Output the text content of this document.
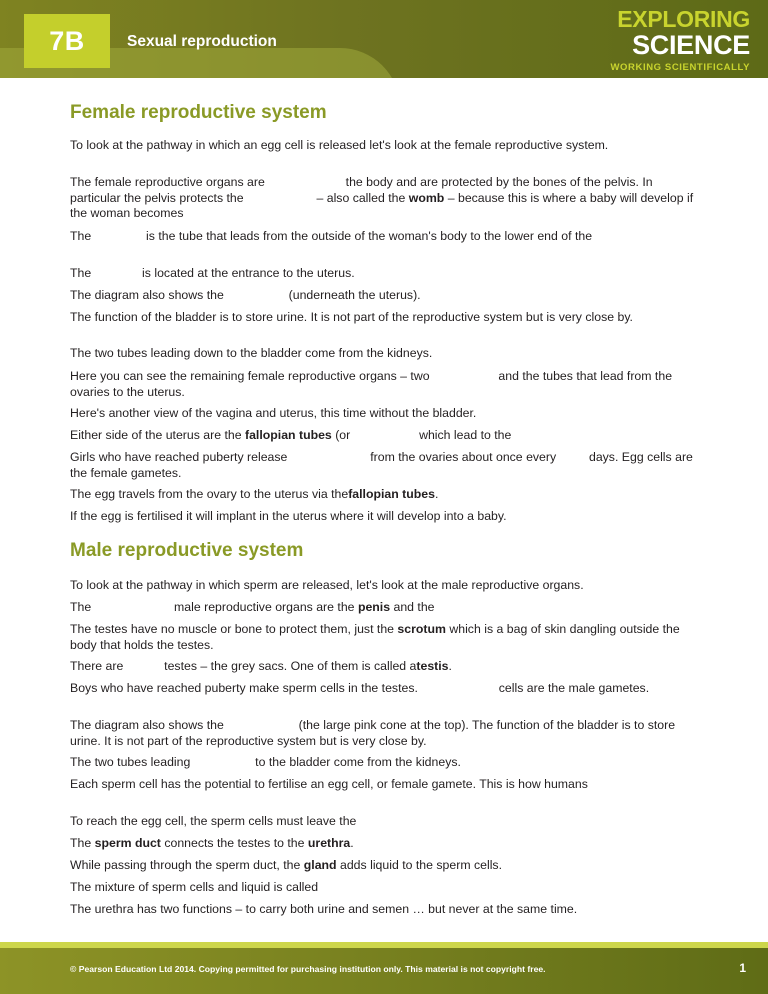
7B	Sexual reproduction
EXPLORING
SCIENCE
WORKING SCIENTIFICALLY
Female reproductive system
To look at the pathway in which an egg cell is released let's look at the female reproductive system.
The female reproductive organs are	the body and are protected by the bones of the pelvis. In particular the pelvis protects the	– also called the womb – because this is where a baby will develop if the woman becomes
The	is the tube that leads from the outside of the woman's body to the lower end of the
The	is located at the entrance to the uterus.
The diagram also shows the	(underneath the uterus).
The function of the bladder is to store urine. It is not part of the reproductive system but is very close by.
The two tubes leading down to the bladder come from the kidneys.
Here you can see the remaining female reproductive organs – two	and the tubes that lead from the ovaries to the uterus.
Here's another view of the vagina and uterus, this time without the bladder.
Either side of the uterus are the fallopian tubes (or	which lead to the
Girls who have reached puberty release	from the ovaries about once every	days. Egg cells are the female gametes.
The egg travels from the ovary to the uterus via thefallopian tubes.
If the egg is fertilised it will implant in the uterus where it will develop into a baby.
Male reproductive system
To look at the pathway in which sperm are released, let's look at the male reproductive organs.
The	male reproductive organs are the penis and the
The testes have no muscle or bone to protect them, just the scrotum which is a bag of skin dangling outside the body that holds the testes.
There are	testes – the grey sacs. One of them is called atestis.
Boys who have reached puberty make sperm cells in the testes.	cells are the male gametes.
The diagram also shows the	(the large pink cone at the top). The function of the bladder is to store urine. It is not part of the reproductive system but is very close by.
The two tubes leading	to the bladder come from the kidneys.
Each sperm cell has the potential to fertilise an egg cell, or female gamete. This is how humans
To reach the egg cell, the sperm cells must leave the
The sperm duct connects the testes to the urethra.
While passing through the sperm duct, the gland adds liquid to the sperm cells.
The mixture of sperm cells and liquid is called
The urethra has two functions – to carry both urine and semen … but never at the same time.
© Pearson Education Ltd 2014. Copying permitted for purchasing institution only. This material is not copyright free.	1
